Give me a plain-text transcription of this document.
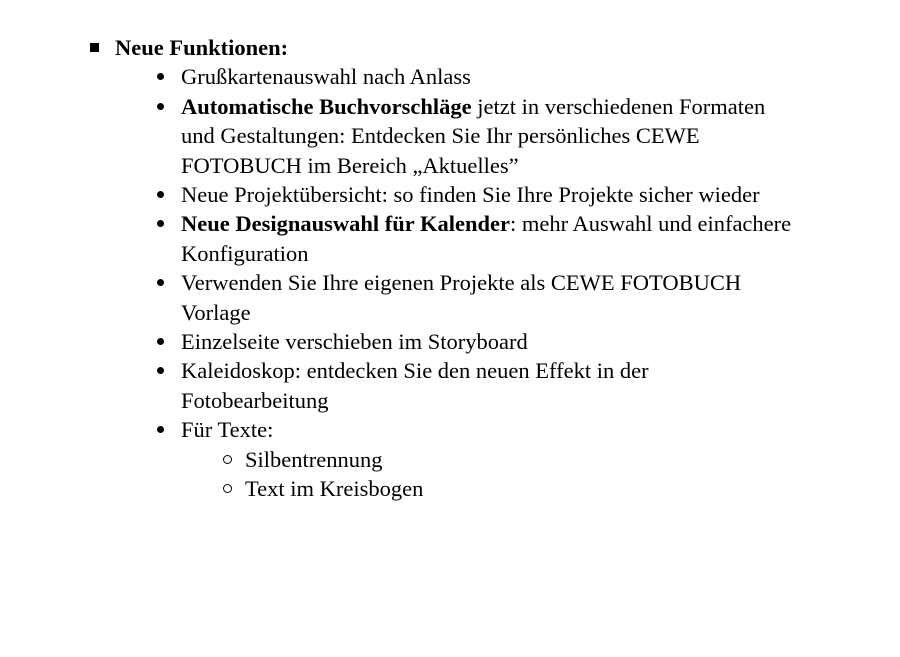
Neue Funktionen:
Grußkartenauswahl nach Anlass
Automatische Buchvorschläge jetzt in verschiedenen Formaten
und Gestaltungen: Entdecken Sie Ihr persönliches CEWE
FOTOBUCH im Bereich „Aktuelles”
Neue Projektübersicht: so finden Sie Ihre Projekte sicher wieder
Neue Designauswahl für Kalender: mehr Auswahl und einfachere
Konfiguration
Verwenden Sie Ihre eigenen Projekte als CEWE FOTOBUCH
Vorlage
Einzelseite verschieben im Storyboard
Kaleidoskop: entdecken Sie den neuen Effekt in der
Fotobearbeitung
Für Texte:
Silbentrennung
Text im Kreisbogen
